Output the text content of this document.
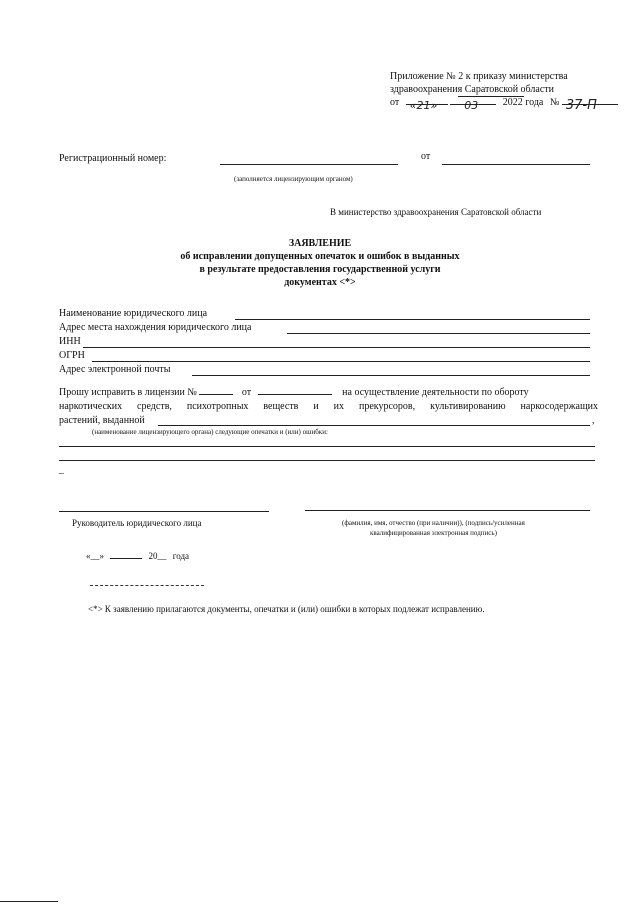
Приложение № 2 к приказу министерства
здравоохранения Саратовской области
от «21»
03 2022 года № 37-П
Регистрационный номер:	от
(заполняется лицензирующим органом)
В министерство здравоохранения Саратовской области
ЗАЯВЛЕНИЕ
об исправлении допущенных опечаток и ошибок в выданных
в результате предоставления государственной услуги
документах <*>
Наименование юридического лица
Адрес места нахождения юридического лица
ИНН
ОГРН
Адрес электронной почты
Прошу исправить в лицензии №	от	на осуществление деятельности по обороту
наркотических средств, психотропных веществ и их прекурсоров, культивированию наркосодержащих
растений, выданной	,
(наименование лицензирующего органа) следующие опечатки и (или) ошибки:
–
Руководитель юридического лица	(фамилия, имя, отчество (при наличии)), (подпись/усиленная
квалифицированная электронная подпись)
«__»	20__ года
<*> К заявлению прилагаются документы, опечатки и (или) ошибки в которых подлежат исправлению.
